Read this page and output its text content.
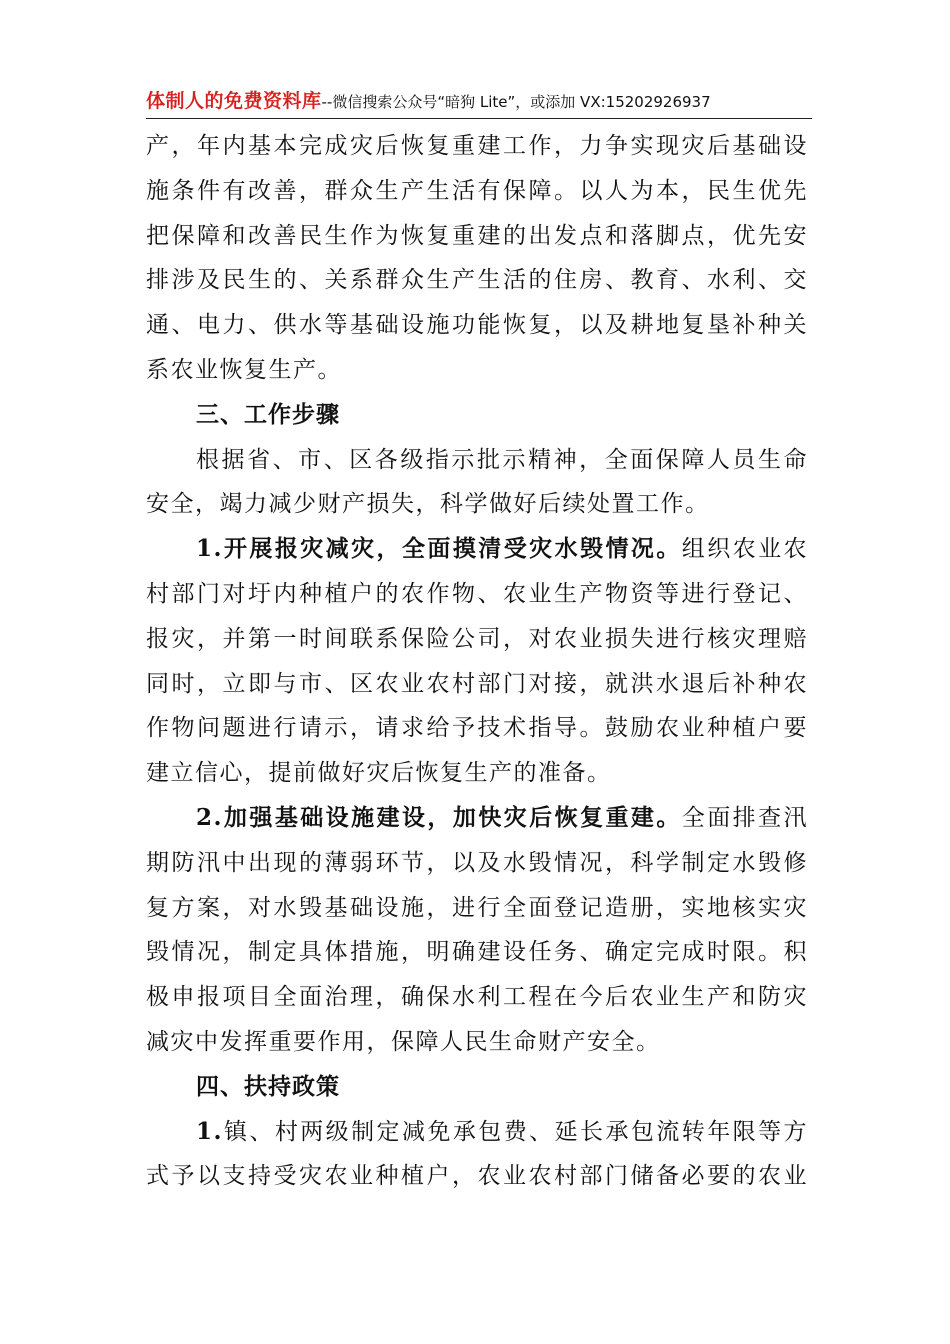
体制人的免费资料库--微信搜索公众号“暗狗 Lite”，或添加 VX:15202926937
产，年内基本完成灾后恢复重建工作，力争实现灾后基础设
施条件有改善，群众生产生活有保障。以人为本，民生优先
把保障和改善民生作为恢复重建的出发点和落脚点，优先安
排涉及民生的、关系群众生产生活的住房、教育、水利、交
通、电力、供水等基础设施功能恢复，以及耕地复垦补种关
系农业恢复生产。
三、工作步骤
根据省、市、区各级指示批示精神，全面保障人员生命
安全，竭力减少财产损失，科学做好后续处置工作。
1.开展报灾减灾，全面摸清受灾水毁情况。组织农业农
村部门对圩内种植户的农作物、农业生产物资等进行登记、
报灾，并第一时间联系保险公司，对农业损失进行核灾理赔
同时，立即与市、区农业农村部门对接，就洪水退后补种农
作物问题进行请示，请求给予技术指导。鼓励农业种植户要
建立信心，提前做好灾后恢复生产的准备。
2.加强基础设施建设，加快灾后恢复重建。全面排查汛
期防汛中出现的薄弱环节，以及水毁情况，科学制定水毁修
复方案，对水毁基础设施，进行全面登记造册，实地核实灾
毁情况，制定具体措施，明确建设任务、确定完成时限。积
极申报项目全面治理，确保水利工程在今后农业生产和防灾
减灾中发挥重要作用，保障人民生命财产安全。
四、扶持政策
1.镇、村两级制定减免承包费、延长承包流转年限等方
式予以支持受灾农业种植户，农业农村部门储备必要的农业
